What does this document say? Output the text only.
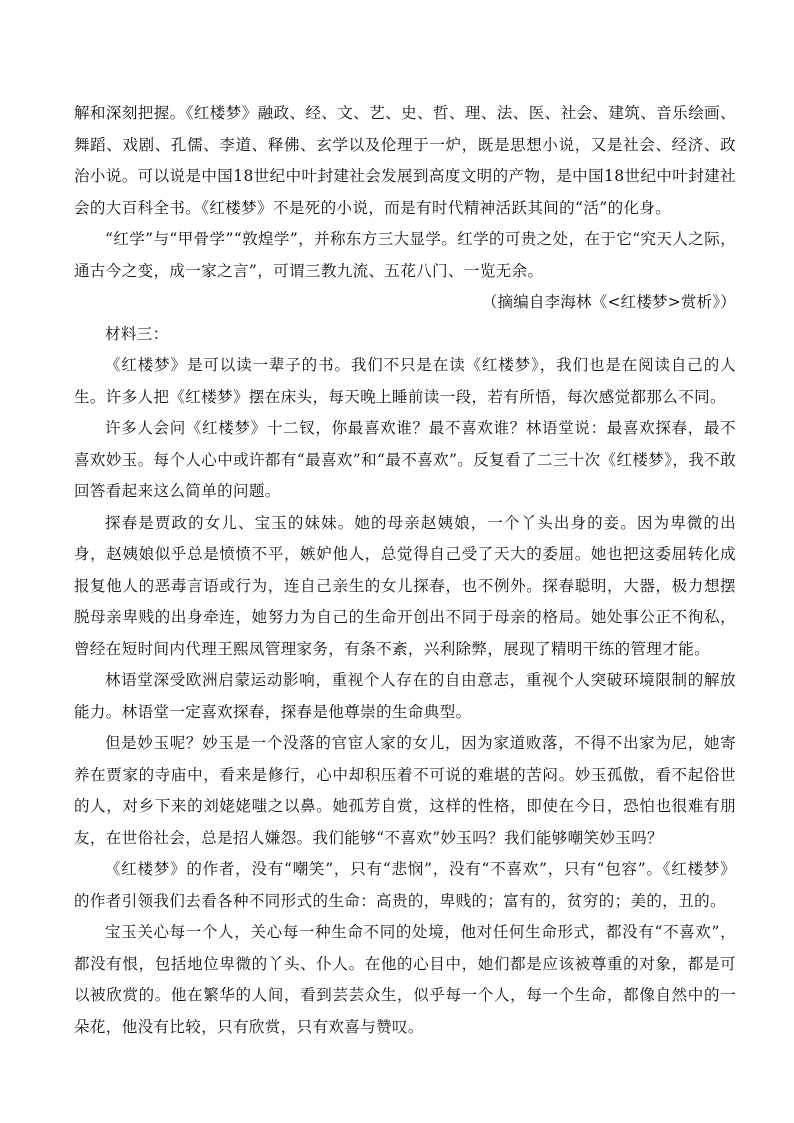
解和深刻把握。《红楼梦》融政、经、文、艺、史、哲、理、法、医、社会、建筑、音乐绘画、舞蹈、戏剧、孔儒、李道、释佛、玄学以及伦理于一炉，既是思想小说，又是社会、经济、政治小说。可以说是中国18世纪中叶封建社会发展到高度文明的产物，是中国18世纪中叶封建社会的大百科全书。《红楼梦》不是死的小说，而是有时代精神活跃其间的“活”的化身。

“红学”与“甲骨学”“敦煌学”，并称东方三大显学。红学的可贵之处，在于它“究天人之际，通古今之变，成一家之言”，可谓三教九流、五花八门、一览无余。

（摘编自李海林《<红楼梦>赏析》）

材料三：

《红楼梦》是可以读一辈子的书。我们不只是在读《红楼梦》，我们也是在阅读自己的人生。许多人把《红楼梦》摆在床头，每天晚上睡前读一段，若有所悟，每次感觉都那么不同。

许多人会问《红楼梦》十二钗，你最喜欢谁？最不喜欢谁？林语堂说：最喜欢探春，最不喜欢妙玉。每个人心中或许都有“最喜欢”和“最不喜欢”。反复看了二三十次《红楼梦》，我不敢回答看起来这么简单的问题。

探春是贾政的女儿、宝玉的妹妹。她的母亲赵姨娘，一个丫头出身的妾。因为卑微的出身，赵姨娘似乎总是愤愤不平，嫉妒他人，总觉得自己受了天大的委屈。她也把这委屈转化成报复他人的恶毒言语或行为，连自己亲生的女儿探春，也不例外。探春聪明，大器，极力想摆脱母亲卑贱的出身牵连，她努力为自己的生命开创出不同于母亲的格局。她处事公正不徇私，曾经在短时间内代理王熙凤管理家务，有条不紊，兴利除弊，展现了精明干练的管理才能。

林语堂深受欧洲启蒙运动影响，重视个人存在的自由意志，重视个人突破环境限制的解放能力。林语堂一定喜欢探春，探春是他尊崇的生命典型。

但是妙玉呢？妙玉是一个没落的官宦人家的女儿，因为家道败落，不得不出家为尼，她寄养在贾家的寺庙中，看来是修行，心中却积压着不可说的难堪的苦闷。妙玉孤傲，看不起俗世的人，对乡下来的刘姥姥嗤之以鼻。她孤芳自赏，这样的性格，即使在今日，恐怕也很难有朋友，在世俗社会，总是招人嫌怨。我们能够“不喜欢”妙玉吗？我们能够嘲笑妙玉吗？

《红楼梦》的作者，没有“嘲笑”，只有“悲悯”，没有“不喜欢”，只有“包容”。《红楼梦》的作者引领我们去看各种不同形式的生命：高贵的，卑贱的；富有的，贫穷的；美的，丑的。

宝玉关心每一个人，关心每一种生命不同的处境，他对任何生命形式，都没有“不喜欢”，都没有恨，包括地位卑微的丫头、仆人。在他的心目中，她们都是应该被尊重的对象，都是可以被欣赏的。他在繁华的人间，看到芸芸众生，似乎每一个人，每一个生命，都像自然中的一朵花，他没有比较，只有欣赏，只有欢喜与赞叹。
